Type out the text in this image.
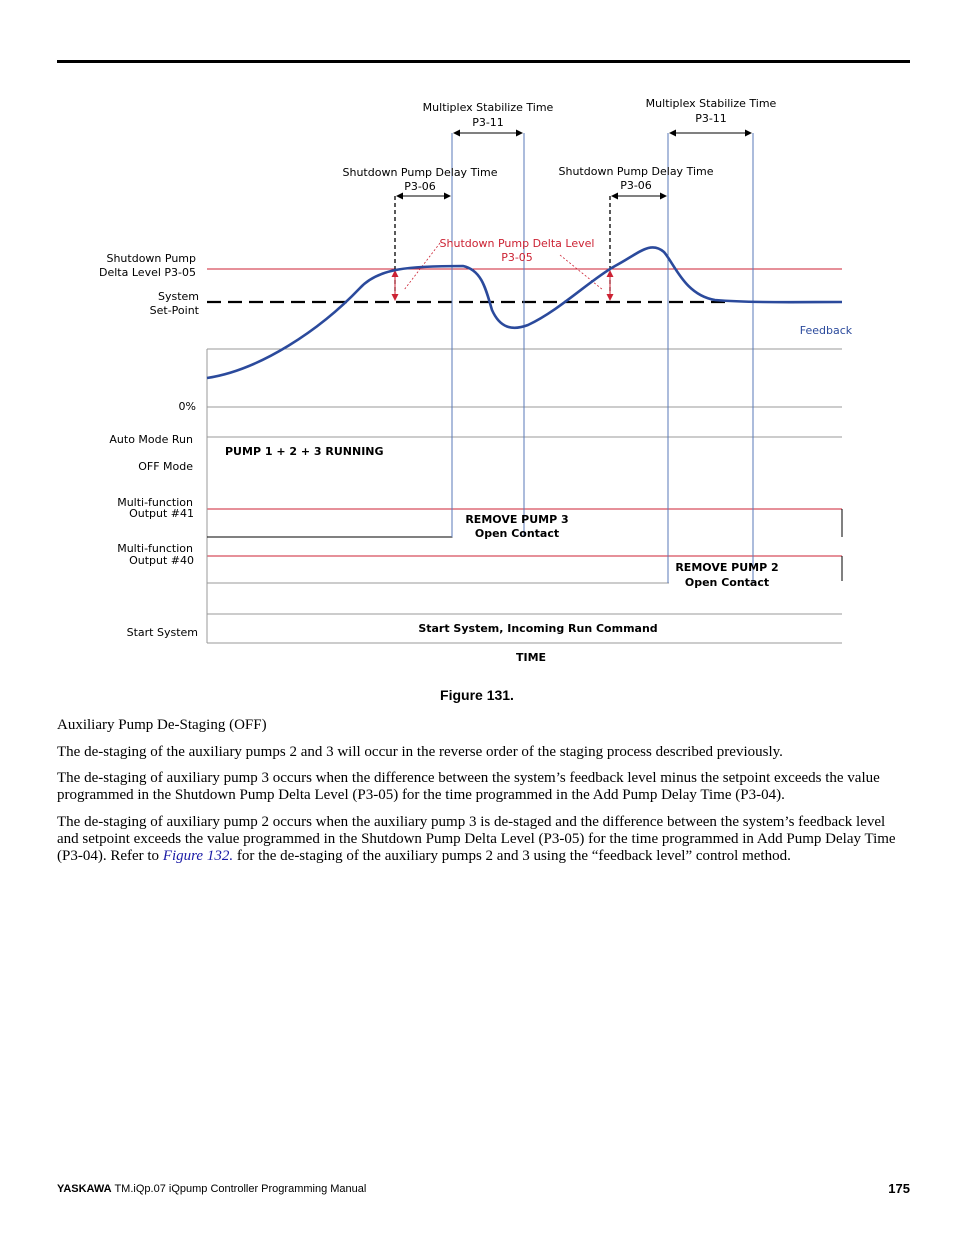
Multiplex Stabilize Time
P3-11
Multiplex Stabilize Time
P3-11
Shutdown Pump Delay Time
P3-06
Shutdown Pump Delay Time
P3-06
Shutdown Pump Delta Level
P3-05
Shutdown Pump
Delta Level P3-05
System
Set-Point
0%
Auto Mode Run
OFF Mode
Multi-function
Output #41
Multi-function
Output #40
Start System
Feedback
PUMP 1 + 2 + 3 RUNNING
REMOVE PUMP 3
Open Contact
REMOVE PUMP 2
Open Contact
Start System, Incoming Run Command
TIME
Figure 131.

Auxiliary Pump De-Staging (OFF)

The de-staging of the auxiliary pumps 2 and 3 will occur in the reverse order of the staging process described previously.

The de-staging of auxiliary pump 3 occurs when the difference between the system’s feedback level minus the setpoint exceeds the value programmed in the Shutdown Pump Delta Level (P3-05) for the time programmed in the Add Pump Delay Time (P3-04).

The de-staging of auxiliary pump 2 occurs when the auxiliary pump 3 is de-staged and the difference between the system’s feedback level and setpoint exceeds the value programmed in the Shutdown Pump Delta Level (P3-05) for the time programmed in Add Pump Delay Time (P3-04). Refer to Figure 132. for the de-staging of the auxiliary pumps 2 and 3 using the “feedback level” control method.

YASKAWA TM.iQp.07 iQpump Controller Programming Manual	175
